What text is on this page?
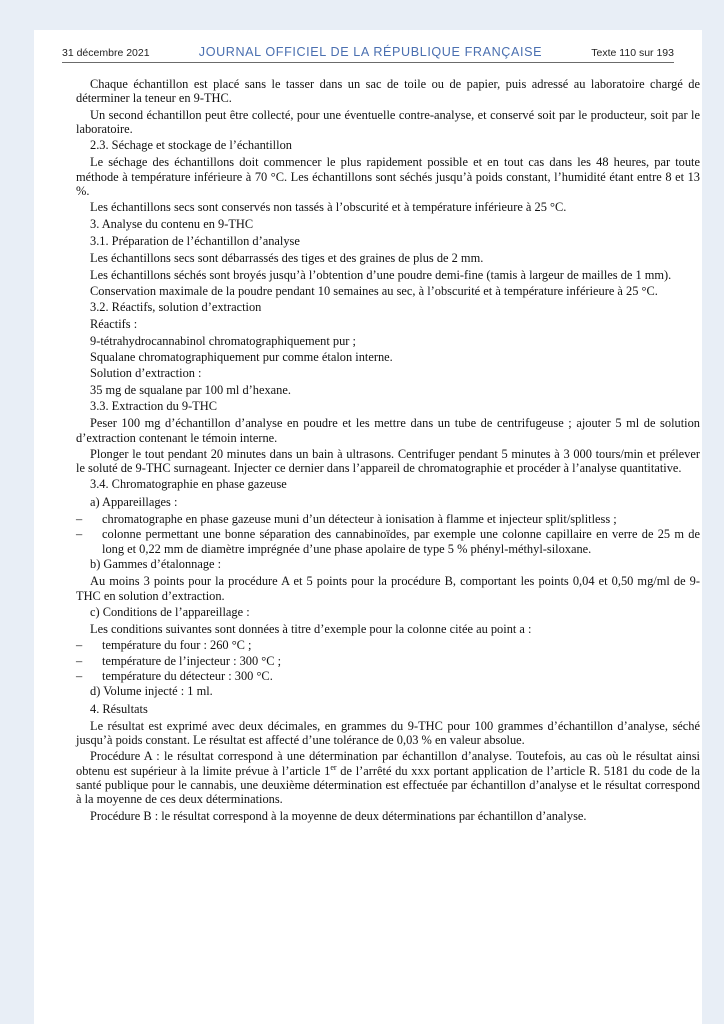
31 décembre 2021	JOURNAL OFFICIEL DE LA RÉPUBLIQUE FRANÇAISE	Texte 110 sur 193

Chaque échantillon est placé sans le tasser dans un sac de toile ou de papier, puis adressé au laboratoire chargé de déterminer la teneur en 9-THC.

Un second échantillon peut être collecté, pour une éventuelle contre-analyse, et conservé soit par le producteur, soit par le laboratoire.

2.3. Séchage et stockage de l’échantillon

Le séchage des échantillons doit commencer le plus rapidement possible et en tout cas dans les 48 heures, par toute méthode à température inférieure à 70 °C. Les échantillons sont séchés jusqu’à poids constant, l’humidité étant entre 8 et 13 %.

Les échantillons secs sont conservés non tassés à l’obscurité et à température inférieure à 25 °C.

3. Analyse du contenu en 9-THC

3.1. Préparation de l’échantillon d’analyse

Les échantillons secs sont débarrassés des tiges et des graines de plus de 2 mm.

Les échantillons séchés sont broyés jusqu’à l’obtention d’une poudre demi-fine (tamis à largeur de mailles de 1 mm).

Conservation maximale de la poudre pendant 10 semaines au sec, à l’obscurité et à température inférieure à 25 °C.

3.2. Réactifs, solution d’extraction

Réactifs :

9-tétrahydrocannabinol chromatographiquement pur ;

Squalane chromatographiquement pur comme étalon interne.

Solution d’extraction :

35 mg de squalane par 100 ml d’hexane.

3.3. Extraction du 9-THC

Peser 100 mg d’échantillon d’analyse en poudre et les mettre dans un tube de centrifugeuse ; ajouter 5 ml de solution d’extraction contenant le témoin interne.

Plonger le tout pendant 20 minutes dans un bain à ultrasons. Centrifuger pendant 5 minutes à 3 000 tours/min et prélever le soluté de 9-THC surnageant. Injecter ce dernier dans l’appareil de chromatographie et procéder à l’analyse quantitative.

3.4. Chromatographie en phase gazeuse

a) Appareillages :

– chromatographe en phase gazeuse muni d’un détecteur à ionisation à flamme et injecteur split/splitless ;

– colonne permettant une bonne séparation des cannabinoïdes, par exemple une colonne capillaire en verre de 25 m de long et 0,22 mm de diamètre imprégnée d’une phase apolaire de type 5 % phényl-méthyl-siloxane.

b) Gammes d’étalonnage :

Au moins 3 points pour la procédure A et 5 points pour la procédure B, comportant les points 0,04 et 0,50 mg/ml de 9-THC en solution d’extraction.

c) Conditions de l’appareillage :

Les conditions suivantes sont données à titre d’exemple pour la colonne citée au point a :

– température du four : 260 °C ;

– température de l’injecteur : 300 °C ;

– température du détecteur : 300 °C.

d) Volume injecté : 1 ml.

4. Résultats

Le résultat est exprimé avec deux décimales, en grammes du 9-THC pour 100 grammes d’échantillon d’analyse, séché jusqu’à poids constant. Le résultat est affecté d’une tolérance de 0,03 % en valeur absolue.

Procédure A : le résultat correspond à une détermination par échantillon d’analyse. Toutefois, au cas où le résultat ainsi obtenu est supérieur à la limite prévue à l’article 1er de l’arrêté du xxx portant application de l’article R. 5181 du code de la santé publique pour le cannabis, une deuxième détermination est effectuée par échantillon d’analyse et le résultat correspond à la moyenne de ces deux déterminations.

Procédure B : le résultat correspond à la moyenne de deux déterminations par échantillon d’analyse.
